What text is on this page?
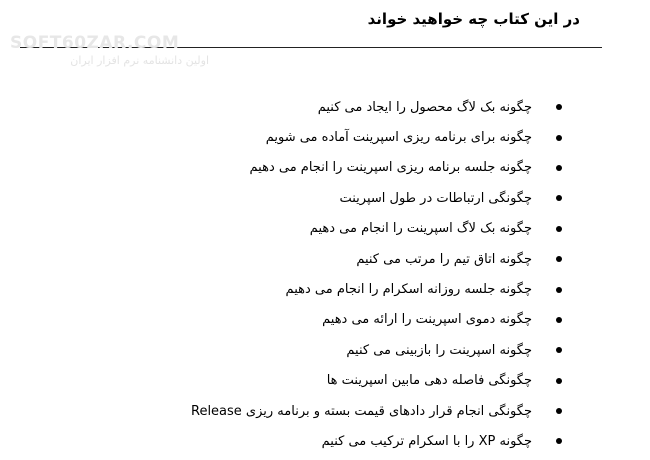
در این کتاب چه خواهید خواند
SOFT60ZAR.COM
اولین دانشنامه نرم افزار ایران
چگونه بک لاگ محصول را ایجاد می کنیم
چگونه برای برنامه ریزی اسپرینت آماده می شویم
چگونه جلسه برنامه ریزی اسپرینت را انجام می دهیم
چگونگی ارتباطات در طول اسپرینت
چگونه بک لاگ اسپرینت را انجام می دهیم
چگونه اتاق تیم را مرتب می کنیم
چگونه جلسه روزانه اسکرام را انجام می دهیم
چگونه دموی اسپرینت را ارائه می دهیم
چگونه اسپرینت را بازبینی می کنیم
چگونگی فاصله دهی مابین اسپرینت ها
چگونگی انجام قرار دادهای قیمت بسته و برنامه ریزی Release
چگونه XP را با اسکرام ترکیب می کنیم
